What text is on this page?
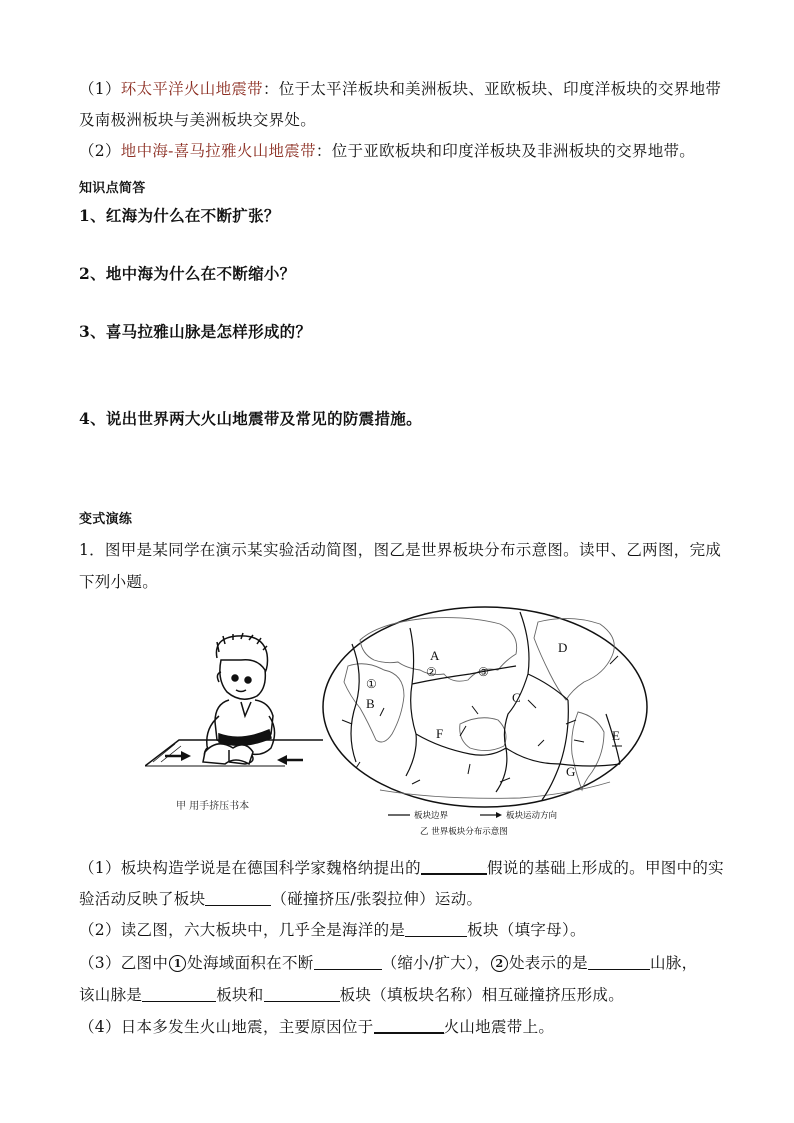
（1）环太平洋火山地震带：位于太平洋板块和美洲板块、亚欧板块、印度洋板块的交界地带
及南极洲板块与美洲板块交界处。
（2）地中海-喜马拉雅火山地震带：位于亚欧板块和印度洋板块及非洲板块的交界地带。
知识点简答
1、红海为什么在不断扩张？
2、地中海为什么在不断缩小？
3、喜马拉雅山脉是怎样形成的？
4、说出世界两大火山地震带及常见的防震措施。
变式演练
1．图甲是某同学在演示某实验活动简图，图乙是世界板块分布示意图。读甲、乙两图，完成
下列小题。
甲 用手挤压书本
A
B	C
D
E
F
G
①
②	③
板块边界	板块运动方向
乙 世界板块分布示意图
（1）板块构造学说是在德国科学家魏格纳提出的	假说的基础上形成的。甲图中的实
验活动反映了板块	（碰撞挤压/张裂拉伸）运动。
（2）读乙图，六大板块中，几乎全是海洋的是	板块（填字母）。
（3）乙图中 1 处海域面积在不断	（缩小/扩大）， 2 处表示的是	山脉，
该山脉是	板块和	板块（填板块名称）相互碰撞挤压形成。
（4）日本多发生火山地震，主要原因位于	火山地震带上。
